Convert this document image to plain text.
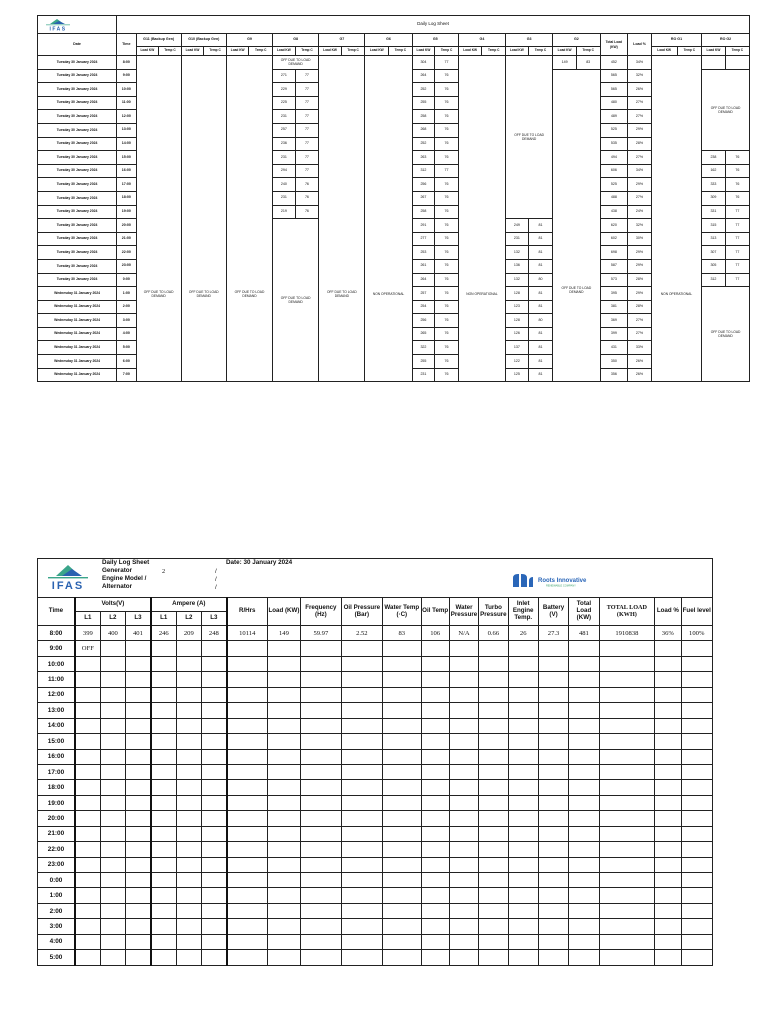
IFAS	Daily Log Sheet																										
Date	Time	G11 (Backup Gen)		G10 (Backup Gen)		G9		G8		G7		G6		G5		G4		G3		G2		Total Load (KW)	Load %	RO G1		RO G2	
		Load KW	Temp C	Load KW	Temp C	Load KW	Temp C	Load KW	Temp C	Load KW	Temp C	Load KW	Temp C	Load KW	Temp C	Load KW	Temp C	Load KW	Temp C	Load KW	Temp C			Load KW	Temp C	Load KW	Temp C
Tuesday 30 January 2024	8:00	OFF DUE TO LOAD DEMAND		OFF DUE TO LOAD DEMAND		OFF DUE TO LOAD DEMAND		OFF DUE TO LOAD DEMAND		OFF DUE TO LOAD DEMAND		NON OPERATIONAL		304	77	NON OPERATIONAL		OFF DUE TO LOAD DEMAND		149	83	452	34%	NON OPERATIONAL			
Tuesday 30 January 2024	9:00							271	77					264	76					OFF DUE TO LOAD DEMAND		565	32%			OFF DUE TO LOAD DEMAND	
Tuesday 30 January 2024	10:00							229	77					252	76							565	26%				
Tuesday 30 January 2024	11:00							225	77					255	76							480	27%				
Tuesday 30 January 2024	12:00							231	77					258	76							489	27%				
Tuesday 30 January 2024	13:00							257	77					268	76							525	29%				
Tuesday 30 January 2024	14:00							236	77					252	76							535	28%				
Tuesday 30 January 2024	15:00							231	77					263	76							494	27%			238	76
Tuesday 30 January 2024	16:00							294	77					312	77							606	34%			162	76
Tuesday 30 January 2024	17:00							240	76					256	76							525	29%			333	76
Tuesday 30 January 2024	18:00							231	76					267	76							488	27%			309	76
Tuesday 30 January 2024	19:00							219	76					258	76							438	24%			331	77
Tuesday 30 January 2024	20:00							OFF DUE TO LOAD DEMAND						291	76			249	81			620	32%			315	77
Tuesday 30 January 2024	21:00													277	76			231	81			602	30%			313	77
Tuesday 30 January 2024	22:00													253	76			132	81			698	29%			307	77
Tuesday 30 January 2024	23:00													261	76			136	81			587	29%			305	77
Tuesday 30 January 2024	0:00													264	76			132	80			573	28%			312	77
Wednesday 31 January 2024	1:00													257	76			128	81			395	29%			OFF DUE TO LOAD DEMAND	
Wednesday 31 January 2024	2:00													254	76			123	81			381	28%				
Wednesday 31 January 2024	3:00													256	76			128	80			369	27%				
Wednesday 31 January 2024	4:00													265	76			126	81			399	27%				
Wednesday 31 January 2024	5:00													322	76			137	81			431	33%				
Wednesday 31 January 2024	6:00													255	76			122	81			350	26%				
Wednesday 31 January 2024	7:00													231	76			125	81			356	26%				
IFAS
Daily Log Sheet
Generator
Engine Model /
Alternator
2	/
/
/
Date: 30 January 2024
Roots Innovative
RENEWABLE COMPANY
Time	Volts(V)			Ampere (A)			R/Hrs	Load (KW)	Frequency (Hz)	Oil Pressure (Bar)	Water Temp (·C)	Oil Temp	Water Pressure	Turbo Pressure	Inlet Engine Temp.	Battery (V)	Total Load (KW)	TOTAL LOAD (KWH)	Load %	Fuel level
	L1	L2	L3	L1	L2	L3														
8:00	399	400	401	246	209	248	10114	149	59.97	2.52	83	106	N/A	0.66	26	27.3	481	1910838	36%	100%
9:00	OFF																			
10:00																				
11:00																				
12:00																				
13:00																				
14:00																				
15:00																				
16:00																				
17:00																				
18:00																				
19:00																				
20:00																				
21:00																				
22:00																				
23:00																				
0:00																				
1:00																				
2:00																				
3:00																				
4:00																				
5:00																				
